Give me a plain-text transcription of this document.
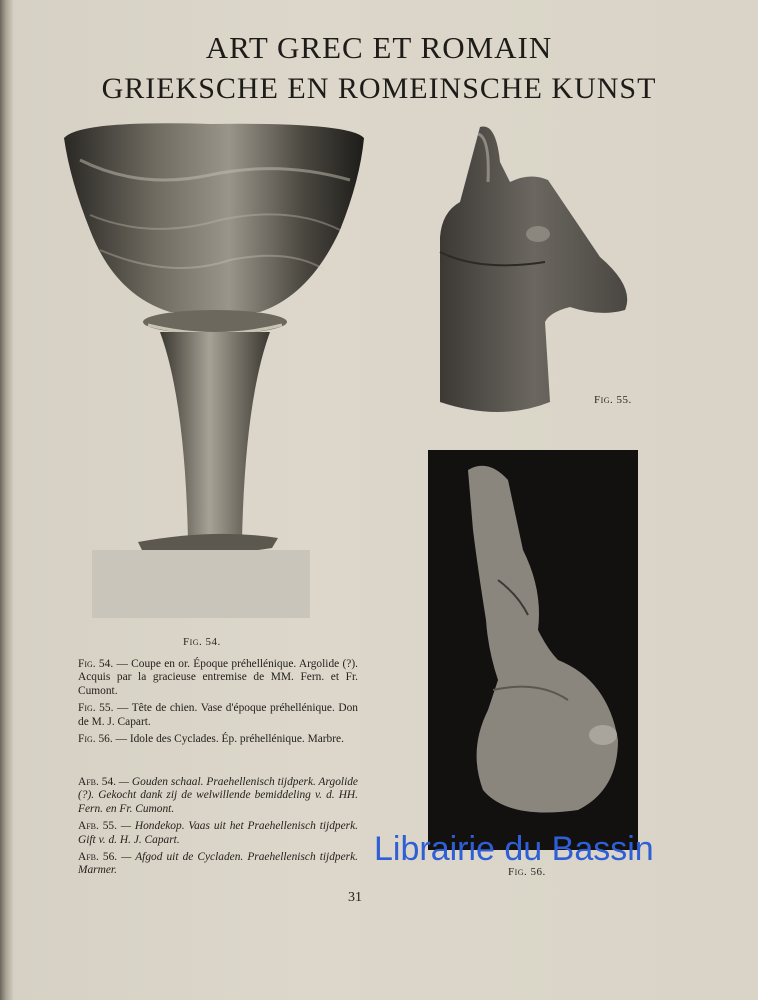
ART GREC ET ROMAIN
GRIEKSCHE EN ROMEINSCHE KUNST
Fig. 54.
Fig. 55.
Fig. 56.

Fig. 54. — Coupe en or. Époque préhellénique. Argolide (?). Acquis par la gracieuse entremise de MM. Fern. et Fr. Cumont.

Fig. 55. — Tête de chien. Vase d'époque préhellénique. Don de M. J. Capart.

Fig. 56. — Idole des Cyclades. Ép. préhellénique. Marbre.

Afb. 54. — Gouden schaal. Praehellenisch tijdperk. Argolide (?). Gekocht dank zij de welwillende bemiddeling v. d. HH. Fern. en Fr. Cumont.

Afb. 55. — Hondekop. Vaas uit het Praehellenisch tijdperk. Gift v. d. H. J. Capart.

Afb. 56. — Afgod uit de Cycladen. Praehellenisch tijdperk. Marmer.

31
Librairie du Bassin
